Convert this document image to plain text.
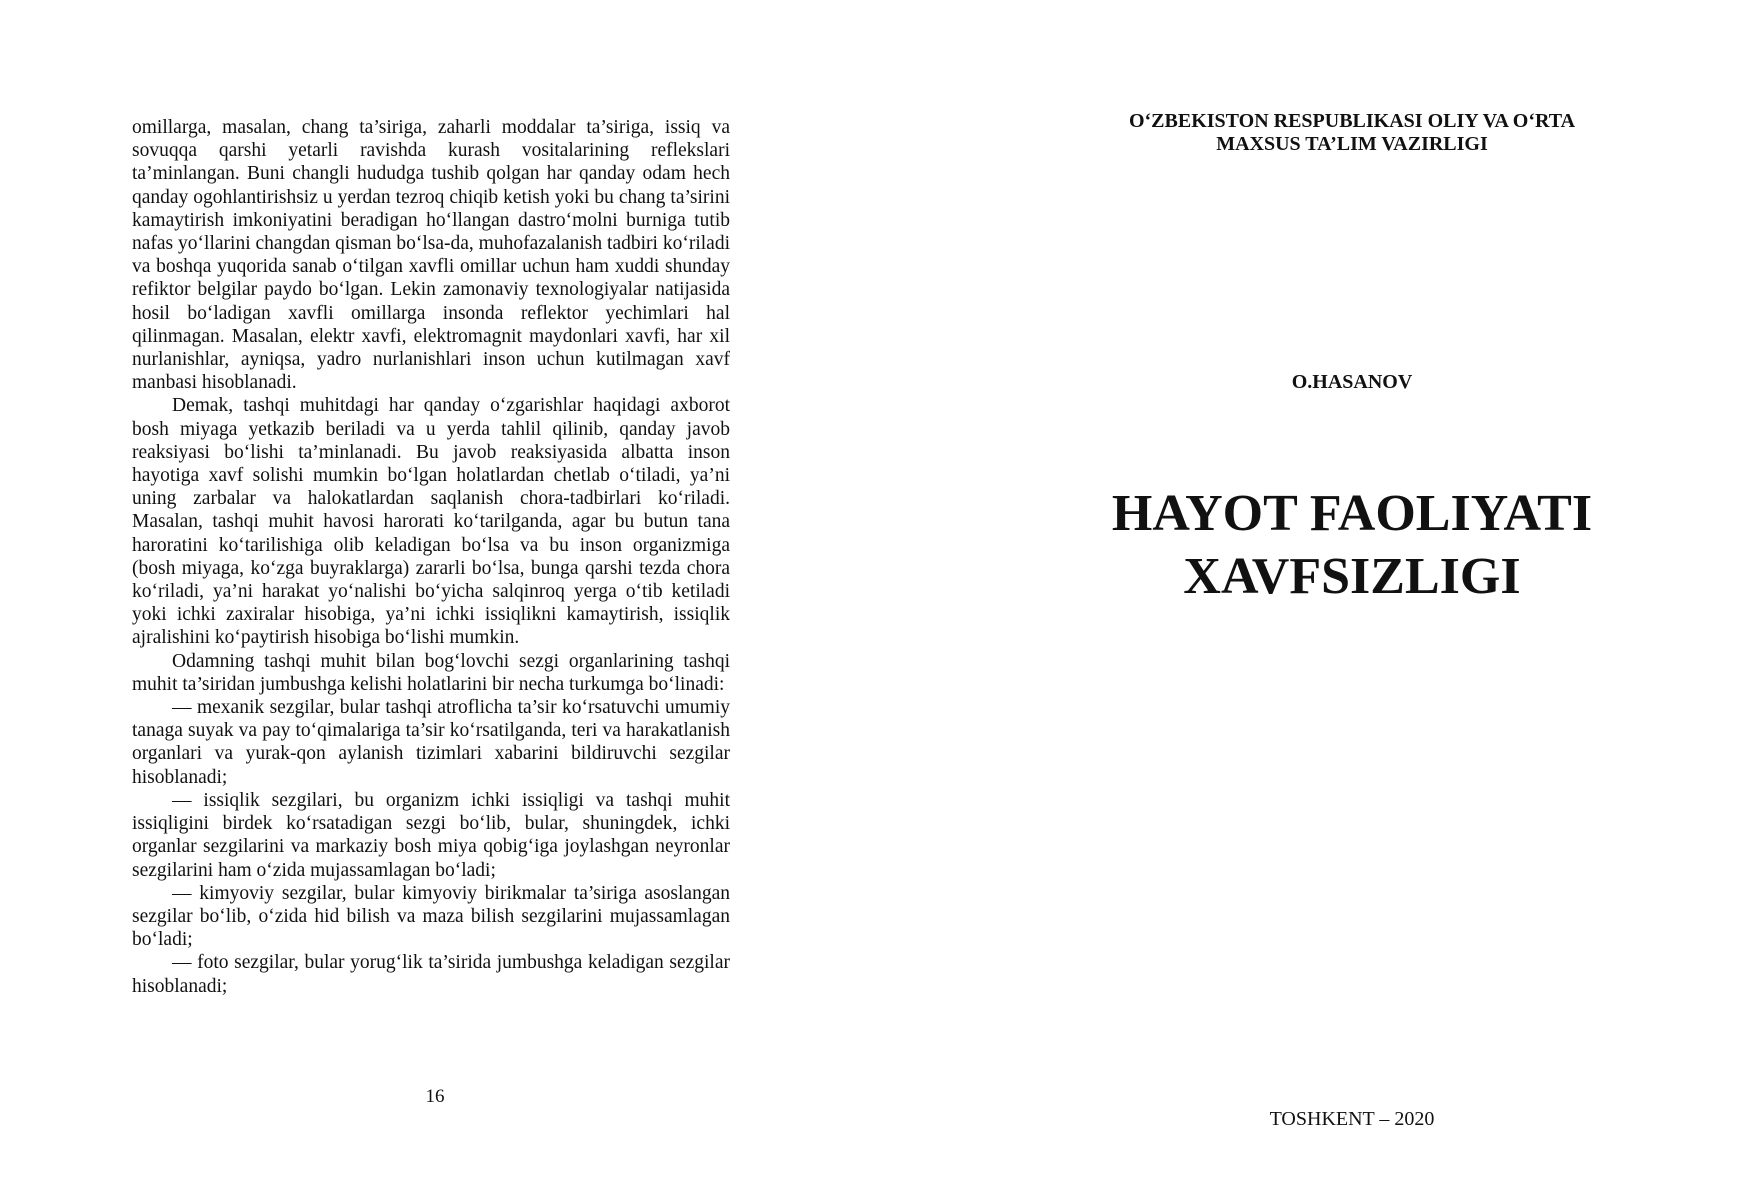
omillarga, masalan, chang ta’siriga, zaharli moddalar ta’siriga, issiq va sovuqqa qarshi yetarli ravishda kurash vositalarining reflekslari ta’minlangan. Buni changli hududga tushib qolgan har qanday odam hech qanday ogohlantirishsiz u yerdan tezroq chiqib ketish yoki bu chang ta’sirini kamaytirish imkoniyatini beradigan ho‘llangan dastro‘molni burniga tutib nafas yo‘llarini changdan qisman bo‘lsa-da, muhofazalanish tadbiri ko‘riladi va boshqa yuqorida sanab o‘tilgan xavfli omillar uchun ham xuddi shunday refiktor belgilar paydo bo‘lgan. Lekin zamonaviy texnologiyalar natijasida hosil bo‘ladigan xavfli omillarga insonda reflektor yechimlari hal qilinmagan. Masalan, elektr xavfi, elektromagnit maydonlari xavfi, har xil nurlanishlar, ayniqsa, yadro nurlanishlari inson uchun kutilmagan xavf manbasi hisoblanadi.

Demak, tashqi muhitdagi har qanday o‘zgarishlar haqidagi axborot bosh miyaga yetkazib beriladi va u yerda tahlil qilinib, qanday javob reaksiyasi bo‘lishi ta’minlanadi. Bu javob reaksiyasida albatta inson hayotiga xavf solishi mumkin bo‘lgan holatlardan chetlab o‘tiladi, ya’ni uning zarbalar va halokatlardan saqlanish chora-tadbirlari ko‘riladi. Masalan, tashqi muhit havosi harorati ko‘tarilganda, agar bu butun tana haroratini ko‘tarilishiga olib keladigan bo‘lsa va bu inson organizmiga (bosh miyaga, ko‘zga buyraklarga) zararli bo‘lsa, bunga qarshi tezda chora ko‘riladi, ya’ni harakat yo‘nalishi bo‘yicha salqinroq yerga o‘tib ketiladi yoki ichki zaxiralar hisobiga, ya’ni ichki issiqlikni kamaytirish, issiqlik ajralishini ko‘paytirish hisobiga bo‘lishi mumkin.

Odamning tashqi muhit bilan bog‘lovchi sezgi organlarining tashqi muhit ta’siridan jumbushga kelishi holatlarini bir necha turkumga bo‘linadi:

— mexanik sezgilar, bular tashqi atroflicha ta’sir ko‘rsatuvchi umumiy tanaga suyak va pay to‘qimalariga ta’sir ko‘rsatilganda, teri va harakatlanish organlari va yurak-qon aylanish tizimlari xabarini bildiruvchi sezgilar hisoblanadi;

— issiqlik sezgilari, bu organizm ichki issiqligi va tashqi muhit issiqligini birdek ko‘rsatadigan sezgi bo‘lib, bular, shuningdek, ichki organlar sezgilarini va markaziy bosh miya qobig‘iga joylashgan neyronlar sezgilarini ham o‘zida mujassamlagan bo‘ladi;

— kimyoviy sezgilar, bular kimyoviy birikmalar ta’siriga asoslangan sezgilar bo‘lib, o‘zida hid bilish va maza bilish sezgilarini mujassamlagan bo‘ladi;

— foto sezgilar, bular yorug‘lik ta’sirida jumbushga keladigan sezgilar hisoblanadi;

16
O‘ZBEKISTON RESPUBLIKASI OLIY VA O‘RTA
MAXSUS TA’LIM VAZIRLIGI
O.HASANOV
HAYOT FAOLIYATI
XAVFSIZLIGI
TOSHKENT – 2020
